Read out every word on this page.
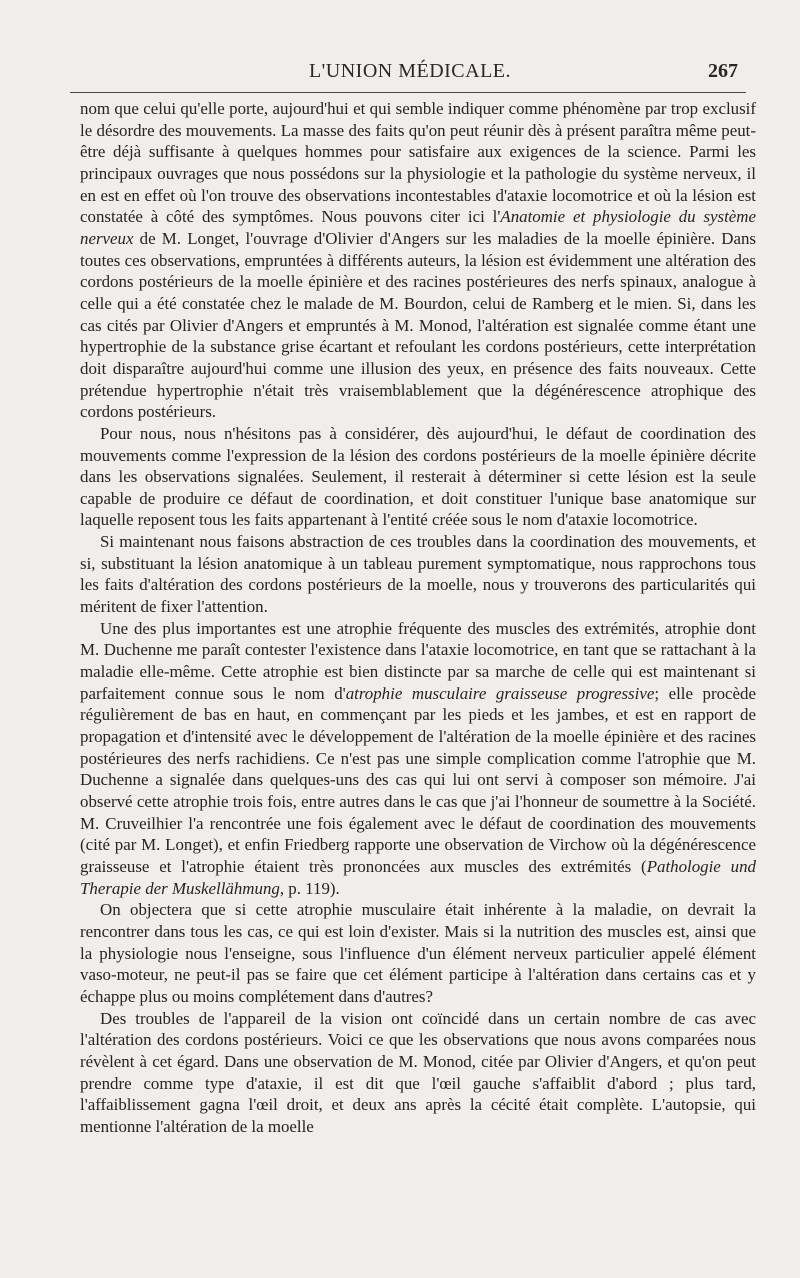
L'UNION MÉDICALE.	267

nom que celui qu'elle porte, aujourd'hui et qui semble indiquer comme phénomène par trop exclusif le désordre des mouvements. La masse des faits qu'on peut réunir dès à présent paraîtra même peut-être déjà suffisante à quelques hommes pour satisfaire aux exigences de la science. Parmi les principaux ouvrages que nous possédons sur la physiologie et la pathologie du système nerveux, il en est en effet où l'on trouve des observations incontestables d'ataxie locomotrice et où la lésion est constatée à côté des symptômes. Nous pouvons citer ici l'Anatomie et physiologie du système nerveux de M. Longet, l'ouvrage d'Olivier d'Angers sur les maladies de la moelle épinière. Dans toutes ces observations, empruntées à différents auteurs, la lésion est évidemment une altération des cordons postérieurs de la moelle épinière et des racines postérieures des nerfs spinaux, analogue à celle qui a été constatée chez le malade de M. Bourdon, celui de Ramberg et le mien. Si, dans les cas cités par Olivier d'Angers et empruntés à M. Monod, l'altération est signalée comme étant une hypertrophie de la substance grise écartant et refoulant les cordons postérieurs, cette interprétation doit disparaître aujourd'hui comme une illusion des yeux, en présence des faits nouveaux. Cette prétendue hypertrophie n'était très vraisemblablement que la dégénérescence atrophique des cordons postérieurs.

Pour nous, nous n'hésitons pas à considérer, dès aujourd'hui, le défaut de coordination des mouvements comme l'expression de la lésion des cordons postérieurs de la moelle épinière décrite dans les observations signalées. Seulement, il resterait à déterminer si cette lésion est la seule capable de produire ce défaut de coordination, et doit constituer l'unique base anatomique sur laquelle reposent tous les faits appartenant à l'entité créée sous le nom d'ataxie locomotrice.

Si maintenant nous faisons abstraction de ces troubles dans la coordination des mouvements, et si, substituant la lésion anatomique à un tableau purement symptomatique, nous rapprochons tous les faits d'altération des cordons postérieurs de la moelle, nous y trouverons des particularités qui méritent de fixer l'attention.

Une des plus importantes est une atrophie fréquente des muscles des extrémités, atrophie dont M. Duchenne me paraît contester l'existence dans l'ataxie locomotrice, en tant que se rattachant à la maladie elle-même. Cette atrophie est bien distincte par sa marche de celle qui est maintenant si parfaitement connue sous le nom d'atrophie musculaire graisseuse progressive; elle procède régulièrement de bas en haut, en commençant par les pieds et les jambes, et est en rapport de propagation et d'intensité avec le développement de l'altération de la moelle épinière et des racines postérieures des nerfs rachidiens. Ce n'est pas une simple complication comme l'atrophie que M. Duchenne a signalée dans quelques-uns des cas qui lui ont servi à composer son mémoire. J'ai observé cette atrophie trois fois, entre autres dans le cas que j'ai l'honneur de soumettre à la Société. M. Cruveilhier l'a rencontrée une fois également avec le défaut de coordination des mouvements (cité par M. Longet), et enfin Friedberg rapporte une observation de Virchow où la dégénérescence graisseuse et l'atrophie étaient très prononcées aux muscles des extrémités (Pathologie und Therapie der Muskellähmung, p. 119).

On objectera que si cette atrophie musculaire était inhérente à la maladie, on devrait la rencontrer dans tous les cas, ce qui est loin d'exister. Mais si la nutrition des muscles est, ainsi que la physiologie nous l'enseigne, sous l'influence d'un élément nerveux particulier appelé élément vaso-moteur, ne peut-il pas se faire que cet élément participe à l'altération dans certains cas et y échappe plus ou moins complétement dans d'autres?

Des troubles de l'appareil de la vision ont coïncidé dans un certain nombre de cas avec l'altération des cordons postérieurs. Voici ce que les observations que nous avons comparées nous révèlent à cet égard. Dans une observation de M. Monod, citée par Olivier d'Angers, et qu'on peut prendre comme type d'ataxie, il est dit que l'œil gauche s'affaiblit d'abord ; plus tard, l'affaiblissement gagna l'œil droit, et deux ans après la cécité était complète. L'autopsie, qui mentionne l'altération de la moelle
